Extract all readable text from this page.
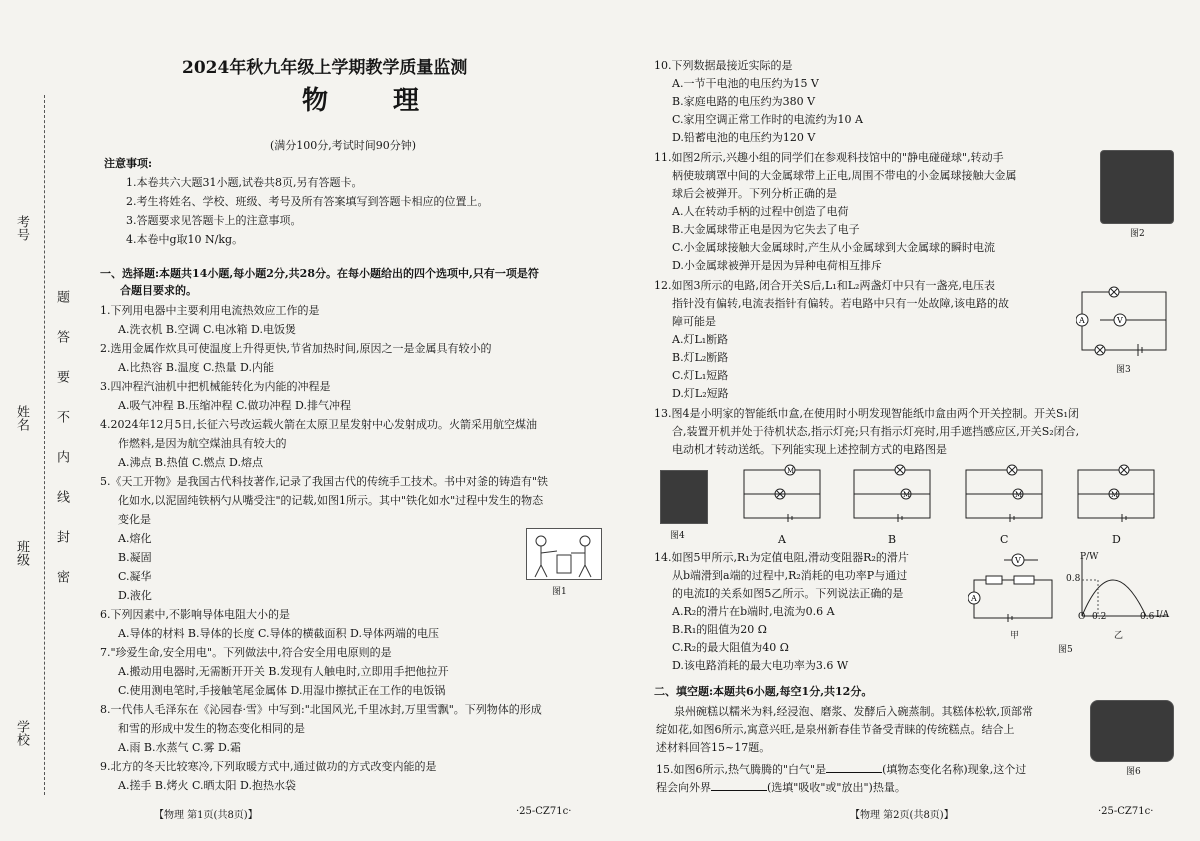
考号
姓名
班级
学校
题
答
要
不
内
线
封
密
2024年秋九年级上学期教学质量监测
物 理
(满分100分,考试时间90分钟)
注意事项:
1.本卷共六大题31小题,试卷共8页,另有答题卡。
2.考生将姓名、学校、班级、考号及所有答案填写到答题卡相应的位置上。
3.答题要求见答题卡上的注意事项。
4.本卷中g取10 N/kg。
一、选择题:本题共14小题,每小题2分,共28分。在每小题给出的四个选项中,只有一项是符
合题目要求的。
1.下列用电器中主要利用电流热效应工作的是
A.洗衣机 B.空调 C.电冰箱 D.电饭煲
2.选用金属作炊具可使温度上升得更快,节省加热时间,原因之一是金属具有较小的
A.比热容 B.温度 C.热量 D.内能
3.四冲程汽油机中把机械能转化为内能的冲程是
A.吸气冲程 B.压缩冲程 C.做功冲程 D.排气冲程
4.2024年12月5日,长征六号改运载火箭在太原卫星发射中心发射成功。火箭采用航空煤油
作燃料,是因为航空煤油具有较大的
A.沸点 B.热值 C.燃点 D.熔点
5.《天工开物》是我国古代科技著作,记录了我国古代的传统手工技术。书中对釜的铸造有"铁
化如水,以泥固纯铁柄勺从嘴受注"的记载,如图1所示。其中"铁化如水"过程中发生的物态
变化是
A.熔化
B.凝固
C.凝华
D.液化
6.下列因素中,不影响导体电阻大小的是
A.导体的材料 B.导体的长度 C.导体的横截面积 D.导体两端的电压
7."珍爱生命,安全用电"。下列做法中,符合安全用电原则的是
A.搬动用电器时,无需断开开关 B.发现有人触电时,立即用手把他拉开
C.使用测电笔时,手接触笔尾金属体 D.用湿巾擦拭正在工作的电饭锅
8.一代伟人毛泽东在《沁园春·雪》中写到:"北国风光,千里冰封,万里雪飘"。下列物体的形成
和雪的形成中发生的物态变化相同的是
A.雨 B.水蒸气 C.雾 D.霜
9.北方的冬天比较寒冷,下列取暖方式中,通过做功的方式改变内能的是
A.搓手 B.烤火 C.晒太阳 D.抱热水袋
图1
【物理 第1页(共8页)】	·25-CZ71c·
10.下列数据最接近实际的是
A.一节干电池的电压约为15 V
B.家庭电路的电压约为380 V
C.家用空调正常工作时的电流约为10 A
D.铅蓄电池的电压约为120 V
11.如图2所示,兴趣小组的同学们在参观科技馆中的"静电碰碰球",转动手
柄使玻璃罩中间的大金属球带上正电,周围不带电的小金属球接触大金属
球后会被弹开。下列分析正确的是
A.人在转动手柄的过程中创造了电荷
B.大金属球带正电是因为它失去了电子
C.小金属球接触大金属球时,产生从小金属球到大金属球的瞬时电流
D.小金属球被弹开是因为异种电荷相互排斥
12.如图3所示的电路,闭合开关S后,L₁和L₂两盏灯中只有一盏亮,电压表
指针没有偏转,电流表指针有偏转。若电路中只有一处故障,该电路的故
障可能是
A.灯L₁断路
B.灯L₂断路
C.灯L₁短路
D.灯L₂短路
13.图4是小明家的智能纸巾盒,在使用时小明发现智能纸巾盒由两个开关控制。开关S₁闭
合,装置开机并处于待机状态,指示灯亮;只有指示灯亮时,用手遮挡感应区,开关S₂闭合,
电动机才转动送纸。下列能实现上述控制方式的电路图是
14.如图5甲所示,R₁为定值电阻,滑动变阻器R₂的滑片
从b端滑到a端的过程中,R₂消耗的电功率P与通过
的电流I的关系如图5乙所示。下列说法正确的是
A.R₂的滑片在b端时,电流为0.6 A
B.R₁的阻值为20 Ω
C.R₂的最大阻值为40 Ω
D.该电路消耗的最大电功率为3.6 W
图2
A	V
图3
图4
M
M	M	M
A	B	C	D
V
A
P/W
I/A
0.8
0.2	0.6
O
甲	乙
图5
二、填空题:本题共6小题,每空1分,共12分。
泉州碗糕以糯米为料,经浸泡、磨浆、发酵后入碗蒸制。其糕体松软,顶部常
绽如花,如图6所示,寓意兴旺,是泉州新春佳节备受青睐的传统糕点。结合上
述材料回答15~17题。
图6
15.如图6所示,热气腾腾的"白气"是	(填物态变化名称)现象,这个过
程会向外界	(选填"吸收"或"放出")热量。
【物理 第2页(共8页)】	·25-CZ71c·
